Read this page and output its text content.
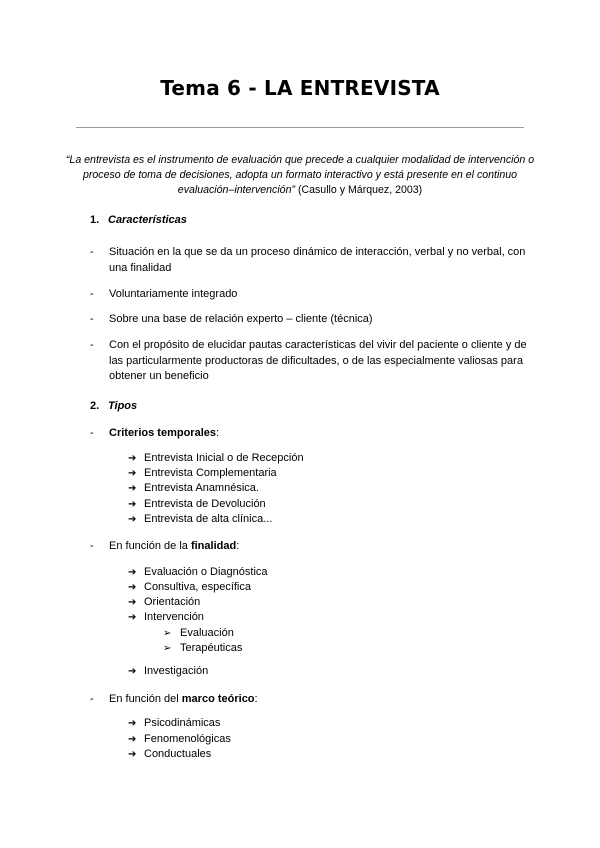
Tema 6 - LA ENTREVISTA
“La entrevista es el instrumento de evaluación que precede a cualquier modalidad de intervención o proceso de toma de decisiones, adopta un formato interactivo y está presente en el continuo evaluación–intervención” (Casullo y Márquez, 2003)
1. Características
- Situación en la que se da un proceso dinámico de interacción, verbal y no verbal, con una finalidad
- Voluntariamente integrado
- Sobre una base de relación experto – cliente (técnica)
- Con el propósito de elucidar pautas características del vivir del paciente o cliente y de las particularmente productoras de dificultades, o de las especialmente valiosas para obtener un beneficio
2. Tipos
- Criterios temporales:
➔ Entrevista Inicial o de Recepción
➔ Entrevista Complementaria
➔ Entrevista Anamnésica.
➔ Entrevista de Devolución
➔ Entrevista de alta clínica...
- En función de la finalidad:
➔ Evaluación o Diagnóstica
➔ Consultiva, específica
➔ Orientación
➔ Intervención
➢ Evaluación
➢ Terapéuticas
➔ Investigación
- En función del marco teórico:
➔ Psicodinámicas
➔ Fenomenológicas
➔ Conductuales
